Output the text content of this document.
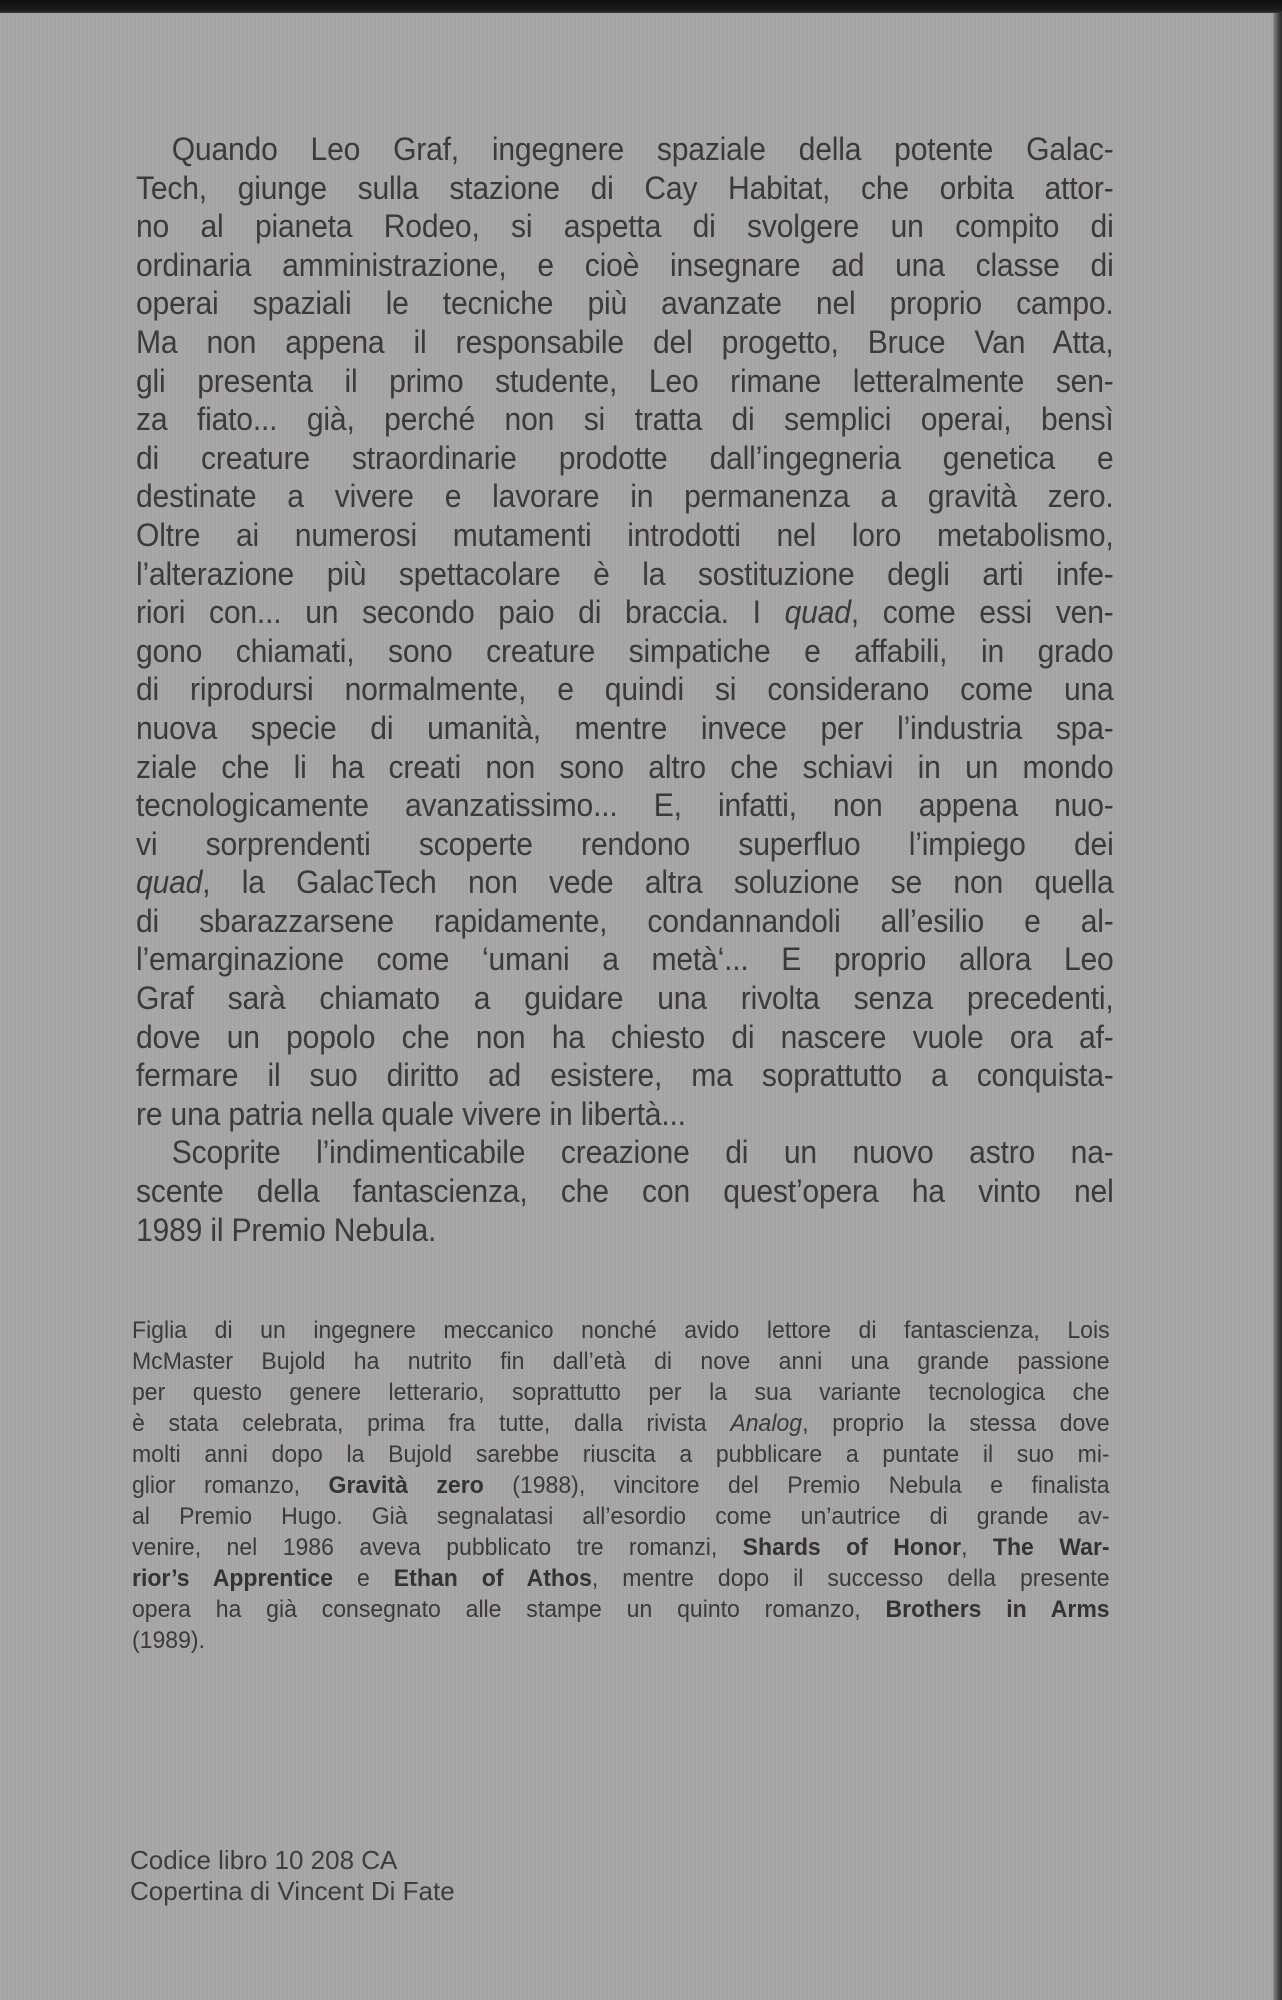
Quando Leo Graf, ingegnere spaziale della potente Galac-
Tech, giunge sulla stazione di Cay Habitat, che orbita attor-
no al pianeta Rodeo, si aspetta di svolgere un compito di
ordinaria amministrazione, e cioè insegnare ad una classe di
operai spaziali le tecniche più avanzate nel proprio campo.
Ma non appena il responsabile del progetto, Bruce Van Atta,
gli presenta il primo studente, Leo rimane letteralmente sen-
za fiato... già, perché non si tratta di semplici operai, bensì
di creature straordinarie prodotte dall’ingegneria genetica e
destinate a vivere e lavorare in permanenza a gravità zero.
Oltre ai numerosi mutamenti introdotti nel loro metabolismo,
l’alterazione più spettacolare è la sostituzione degli arti infe-
riori con... un secondo paio di braccia. I quad, come essi ven-
gono chiamati, sono creature simpatiche e affabili, in grado
di riprodursi normalmente, e quindi si considerano come una
nuova specie di umanità, mentre invece per l’industria spa-
ziale che li ha creati non sono altro che schiavi in un mondo
tecnologicamente avanzatissimo... E, infatti, non appena nuo-
vi sorprendenti scoperte rendono superfluo l’impiego dei
quad, la GalacTech non vede altra soluzione se non quella
di sbarazzarsene rapidamente, condannandoli all’esilio e al-
l’emarginazione come ‘umani a metà‘... E proprio allora Leo
Graf sarà chiamato a guidare una rivolta senza precedenti,
dove un popolo che non ha chiesto di nascere vuole ora af-
fermare il suo diritto ad esistere, ma soprattutto a conquista-
re una patria nella quale vivere in libertà...
Scoprite l’indimenticabile creazione di un nuovo astro na-
scente della fantascienza, che con quest’opera ha vinto nel
1989 il Premio Nebula.
Figlia di un ingegnere meccanico nonché avido lettore di fantascienza, Lois
McMaster Bujold ha nutrito fin dall’età di nove anni una grande passione
per questo genere letterario, soprattutto per la sua variante tecnologica che
è stata celebrata, prima fra tutte, dalla rivista Analog, proprio la stessa dove
molti anni dopo la Bujold sarebbe riuscita a pubblicare a puntate il suo mi-
glior romanzo, Gravità zero (1988), vincitore del Premio Nebula e finalista
al Premio Hugo. Già segnalatasi all’esordio come un’autrice di grande av-
venire, nel 1986 aveva pubblicato tre romanzi, Shards of Honor, The War-
rior’s Apprentice e Ethan of Athos, mentre dopo il successo della presente
opera ha già consegnato alle stampe un quinto romanzo, Brothers in Arms
(1989).
Codice libro 10 208 CA
Copertina di Vincent Di Fate
